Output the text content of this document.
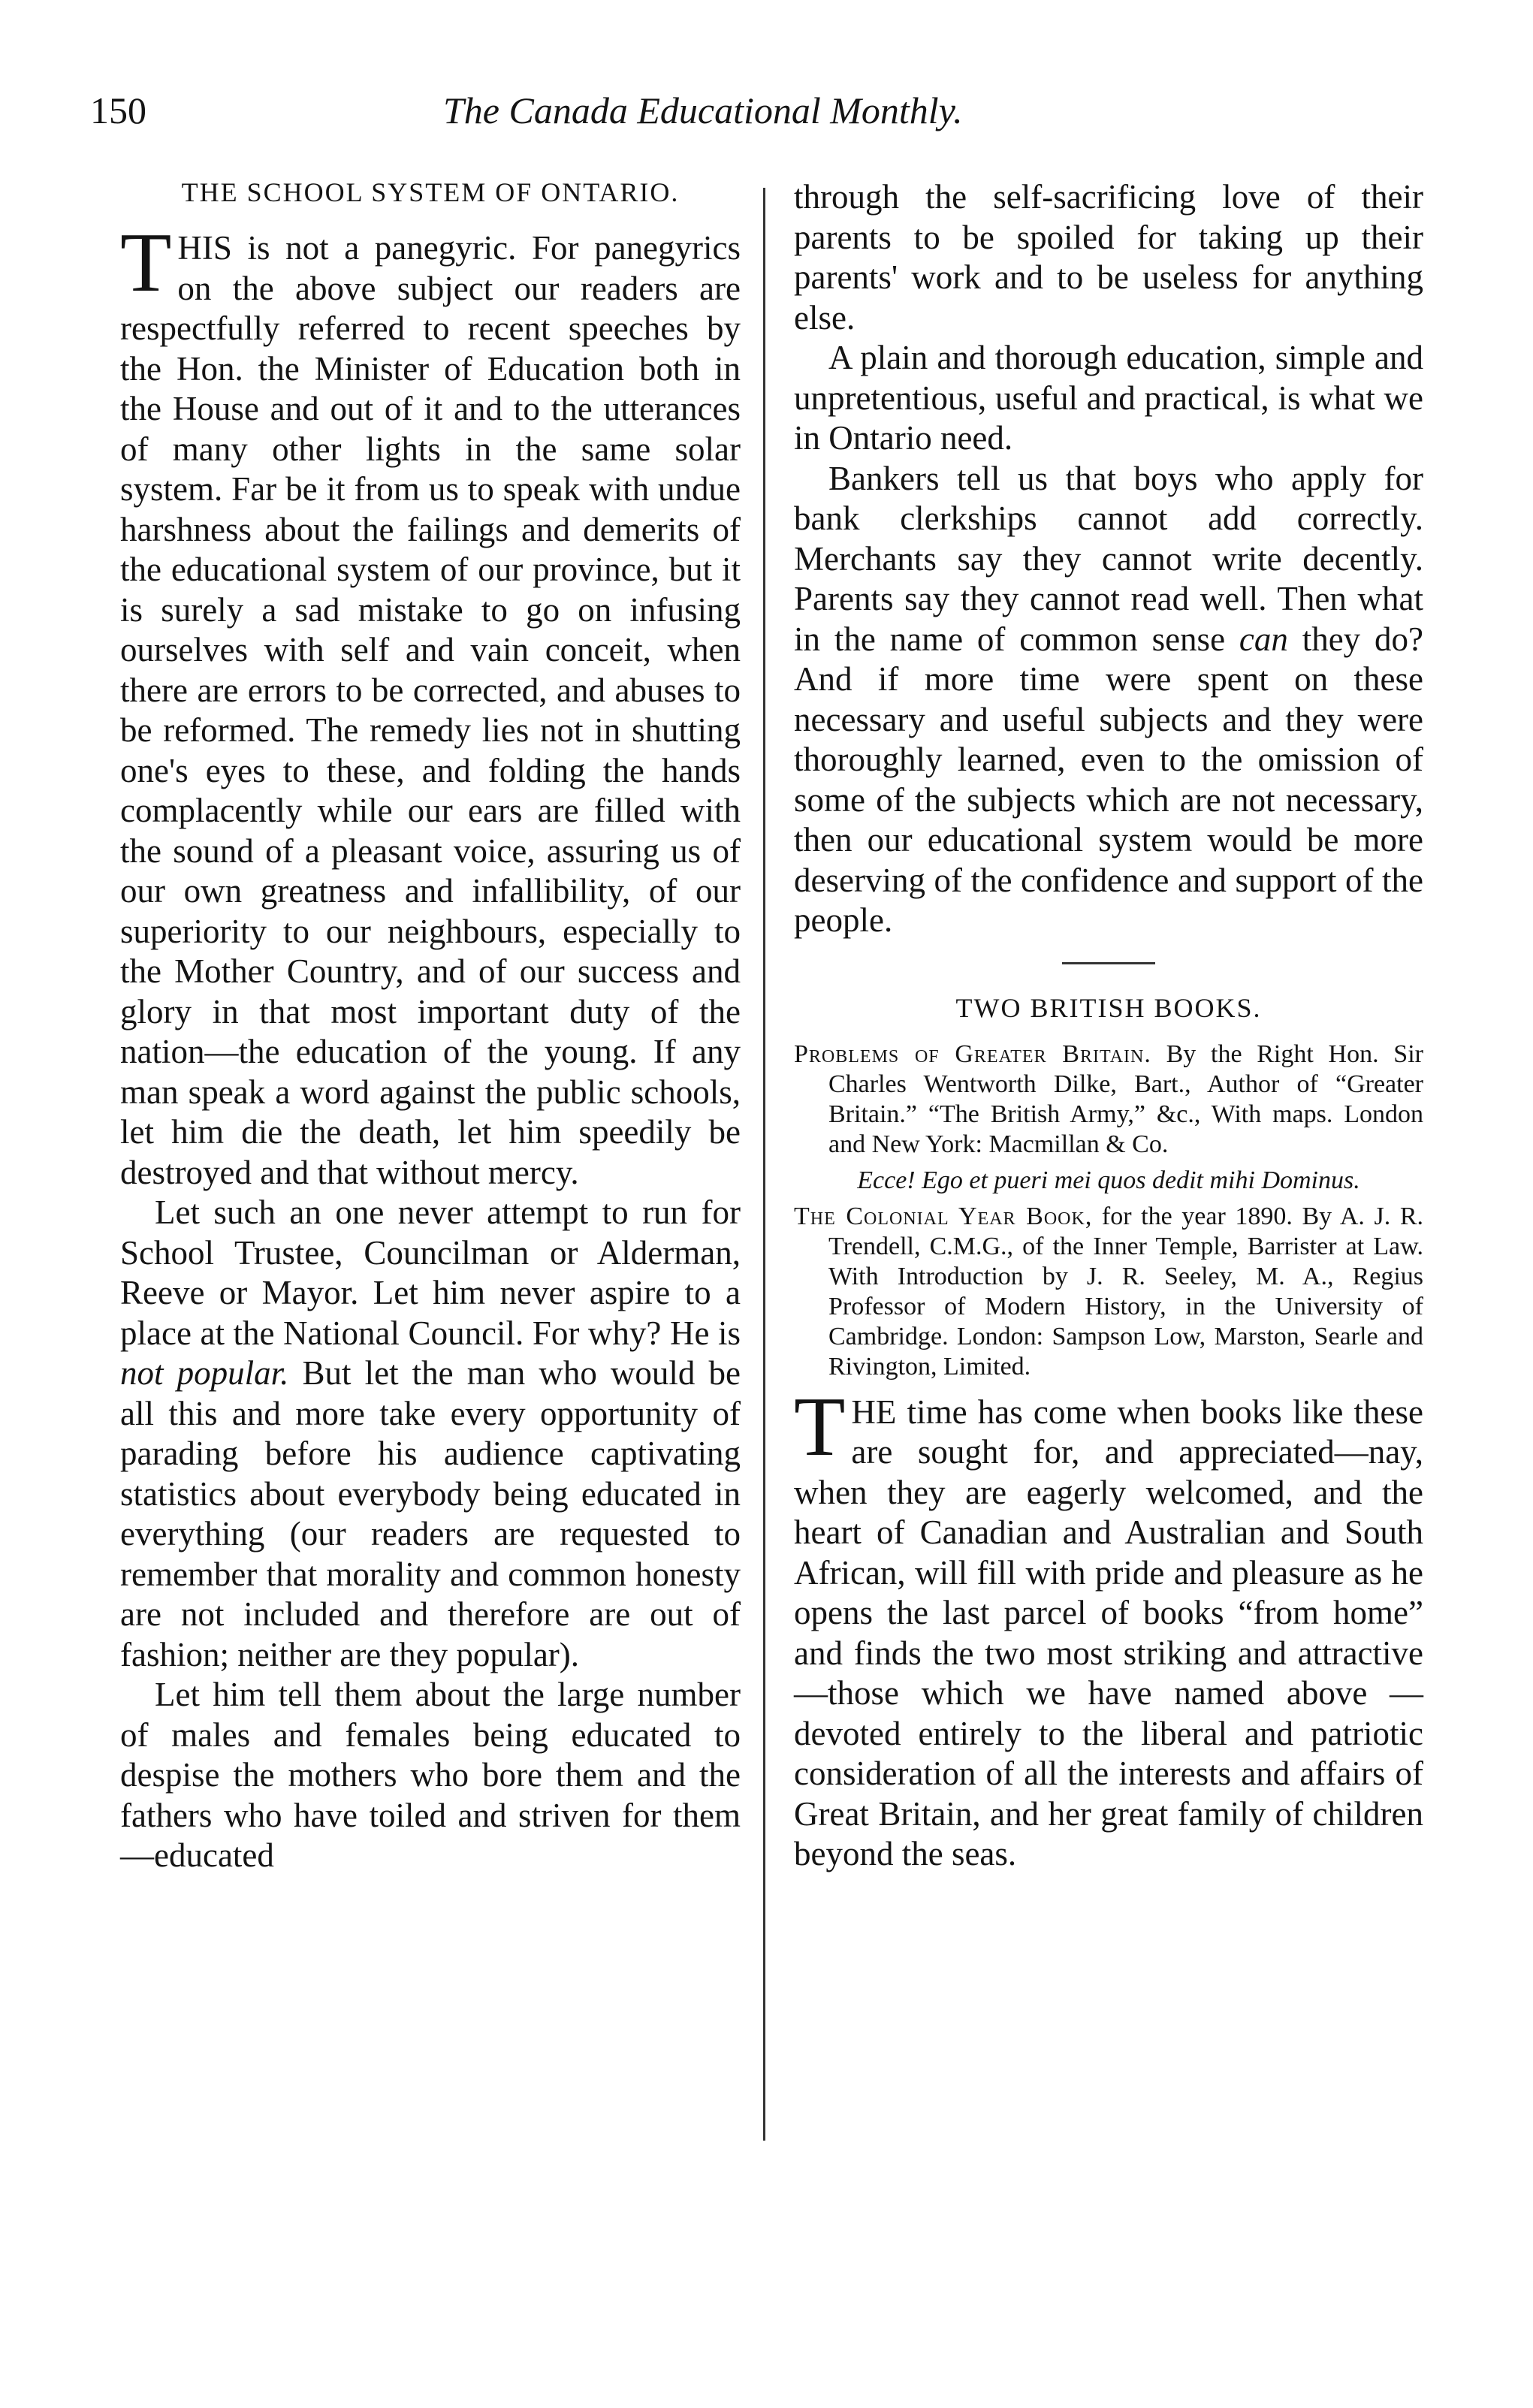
150	The Canada Educational Monthly.
THE SCHOOL SYSTEM OF ONTARIO.

THIS is not a panegyric. For panegyrics on the above subject our readers are respectfully referred to recent speeches by the Hon. the Minister of Education both in the House and out of it and to the utterances of many other lights in the same solar system. Far be it from us to speak with undue harshness about the failings and demerits of the educational system of our province, but it is surely a sad mistake to go on infusing ourselves with self and vain conceit, when there are errors to be corrected, and abuses to be reformed. The remedy lies not in shutting one's eyes to these, and folding the hands complacently while our ears are filled with the sound of a pleasant voice, assuring us of our own greatness and infallibility, of our superiority to our neighbours, especially to the Mother Country, and of our success and glory in that most important duty of the nation—the education of the young. If any man speak a word against the public schools, let him die the death, let him speedily be destroyed and that without mercy.

Let such an one never attempt to run for School Trustee, Councilman or Alderman, Reeve or Mayor. Let him never aspire to a place at the National Council. For why? He is not popular. But let the man who would be all this and more take every opportunity of parading before his audience captivating statistics about everybody being educated in everything (our readers are requested to remember that morality and common honesty are not included and therefore are out of fashion; neither are they popular).

Let him tell them about the large number of males and females being educated to despise the mothers who bore them and the fathers who have toiled and striven for them—educated

through the self-sacrificing love of their parents to be spoiled for taking up their parents' work and to be useless for anything else.

A plain and thorough education, simple and unpretentious, useful and practical, is what we in Ontario need.

Bankers tell us that boys who apply for bank clerkships cannot add correctly. Merchants say they cannot write decently. Parents say they cannot read well. Then what in the name of common sense can they do? And if more time were spent on these necessary and useful subjects and they were thoroughly learned, even to the omission of some of the subjects which are not necessary, then our educational system would be more deserving of the confidence and support of the people.

TWO BRITISH BOOKS.
Problems of Greater Britain. By the Right Hon. Sir Charles Wentworth Dilke, Bart., Author of “Greater Britain.” “The British Army,” &c., With maps. London and New York: Macmillan & Co.
Ecce! Ego et pueri mei quos dedit mihi Dominus.
The Colonial Year Book, for the year 1890. By A. J. R. Trendell, C.M.G., of the Inner Temple, Barrister at Law. With Introduction by J. R. Seeley, M. A., Regius Professor of Modern History, in the University of Cambridge. London: Sampson Low, Marston, Searle and Rivington, Limited.

THE time has come when books like these are sought for, and appreciated—nay, when they are eagerly welcomed, and the heart of Canadian and Australian and South African, will fill with pride and pleasure as he opens the last parcel of books “from home” and finds the two most striking and attractive —those which we have named above —devoted entirely to the liberal and patriotic consideration of all the interests and affairs of Great Britain, and her great family of children beyond the seas.
